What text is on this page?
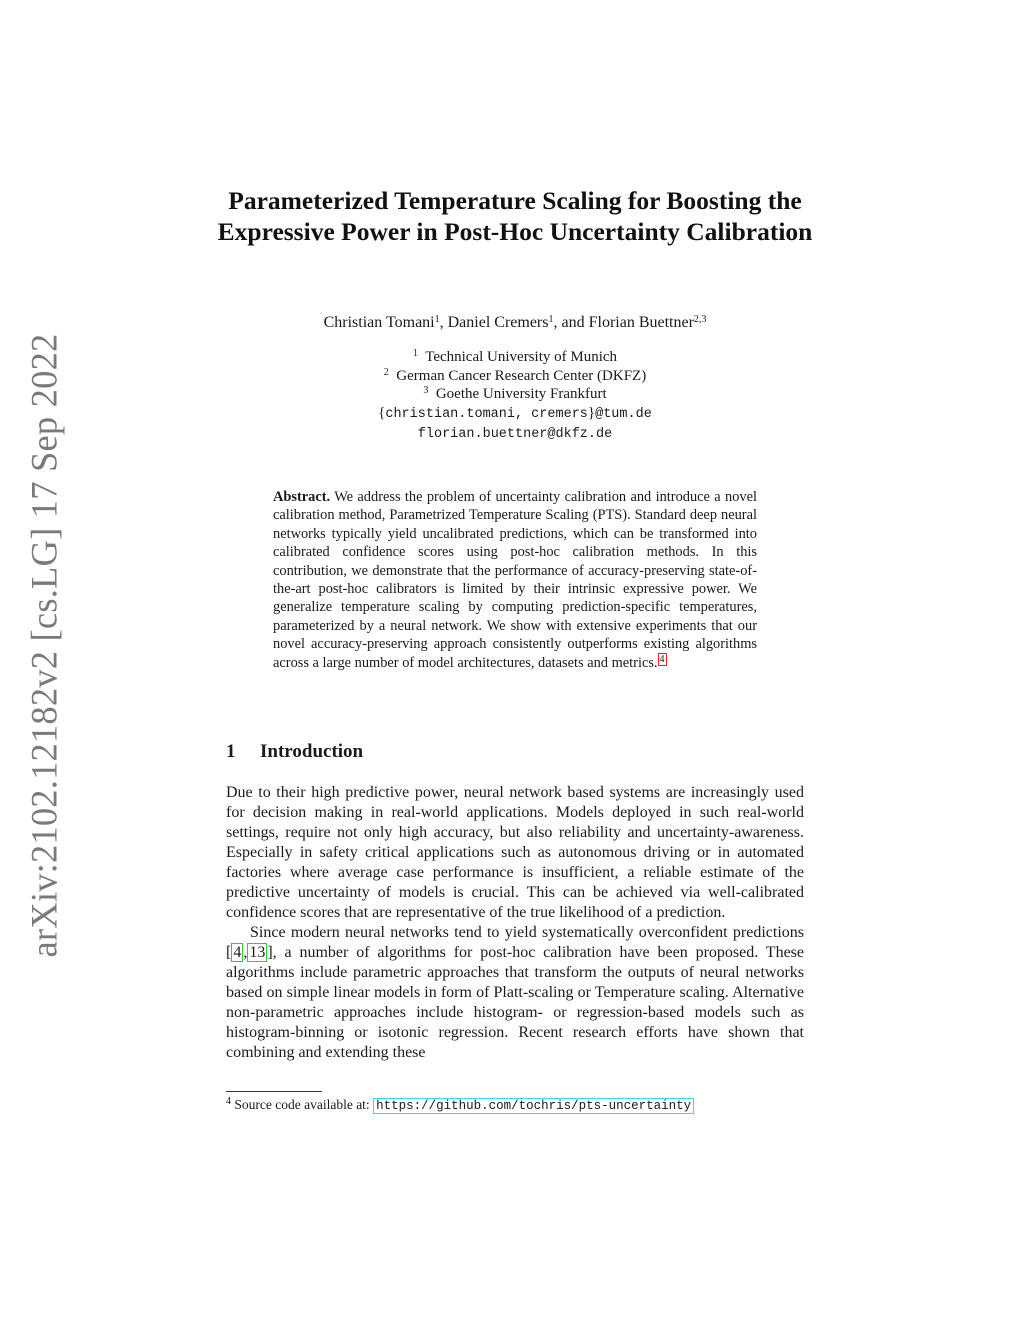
arXiv:2102.12182v2 [cs.LG] 17 Sep 2022
Parameterized Temperature Scaling for Boosting the Expressive Power in Post-Hoc Uncertainty Calibration
Christian Tomani$^1$, Daniel Cremers$^1$, and Florian Buettner$^{2,3}$
$^1$ Technical University of Munich
$^2$ German Cancer Research Center (DKFZ)
$^3$ Goethe University Frankfurt
{christian.tomani, cremers}@tum.de
florian.buettner@dkfz.de
Abstract. We address the problem of uncertainty calibration and introduce a novel calibration method, Parametrized Temperature Scaling (PTS). Standard deep neural networks typically yield uncalibrated predictions, which can be transformed into calibrated confidence scores using post-hoc calibration methods. In this contribution, we demonstrate that the performance of accuracy-preserving state-of-the-art post-hoc calibrators is limited by their intrinsic expressive power. We generalize temperature scaling by computing prediction-specific temperatures, parameterized by a neural network. We show with extensive experiments that our novel accuracy-preserving approach consistently outperforms existing algorithms across a large number of model architectures, datasets and metrics. $^4$
1 Introduction

Due to their high predictive power, neural network based systems are increasingly used for decision making in real-world applications. Models deployed in such real-world settings, require not only high accuracy, but also reliability and uncertainty-awareness. Especially in safety critical applications such as autonomous driving or in automated factories where average case performance is insufficient, a reliable estimate of the predictive uncertainty of models is crucial. This can be achieved via well-calibrated confidence scores that are representative of the true likelihood of a prediction.

Since modern neural networks tend to yield systematically overconfident predictions [ 4 , 13 ], a number of algorithms for post-hoc calibration have been proposed. These algorithms include parametric approaches that transform the outputs of neural networks based on simple linear models in form of Platt-scaling or Temperature scaling. Alternative non-parametric approaches include histogram- or regression-based models such as histogram-binning or isotonic regression. Recent research efforts have shown that combining and extending these

$^4$ Source code available at: https://github.com/tochris/pts-uncertainty
